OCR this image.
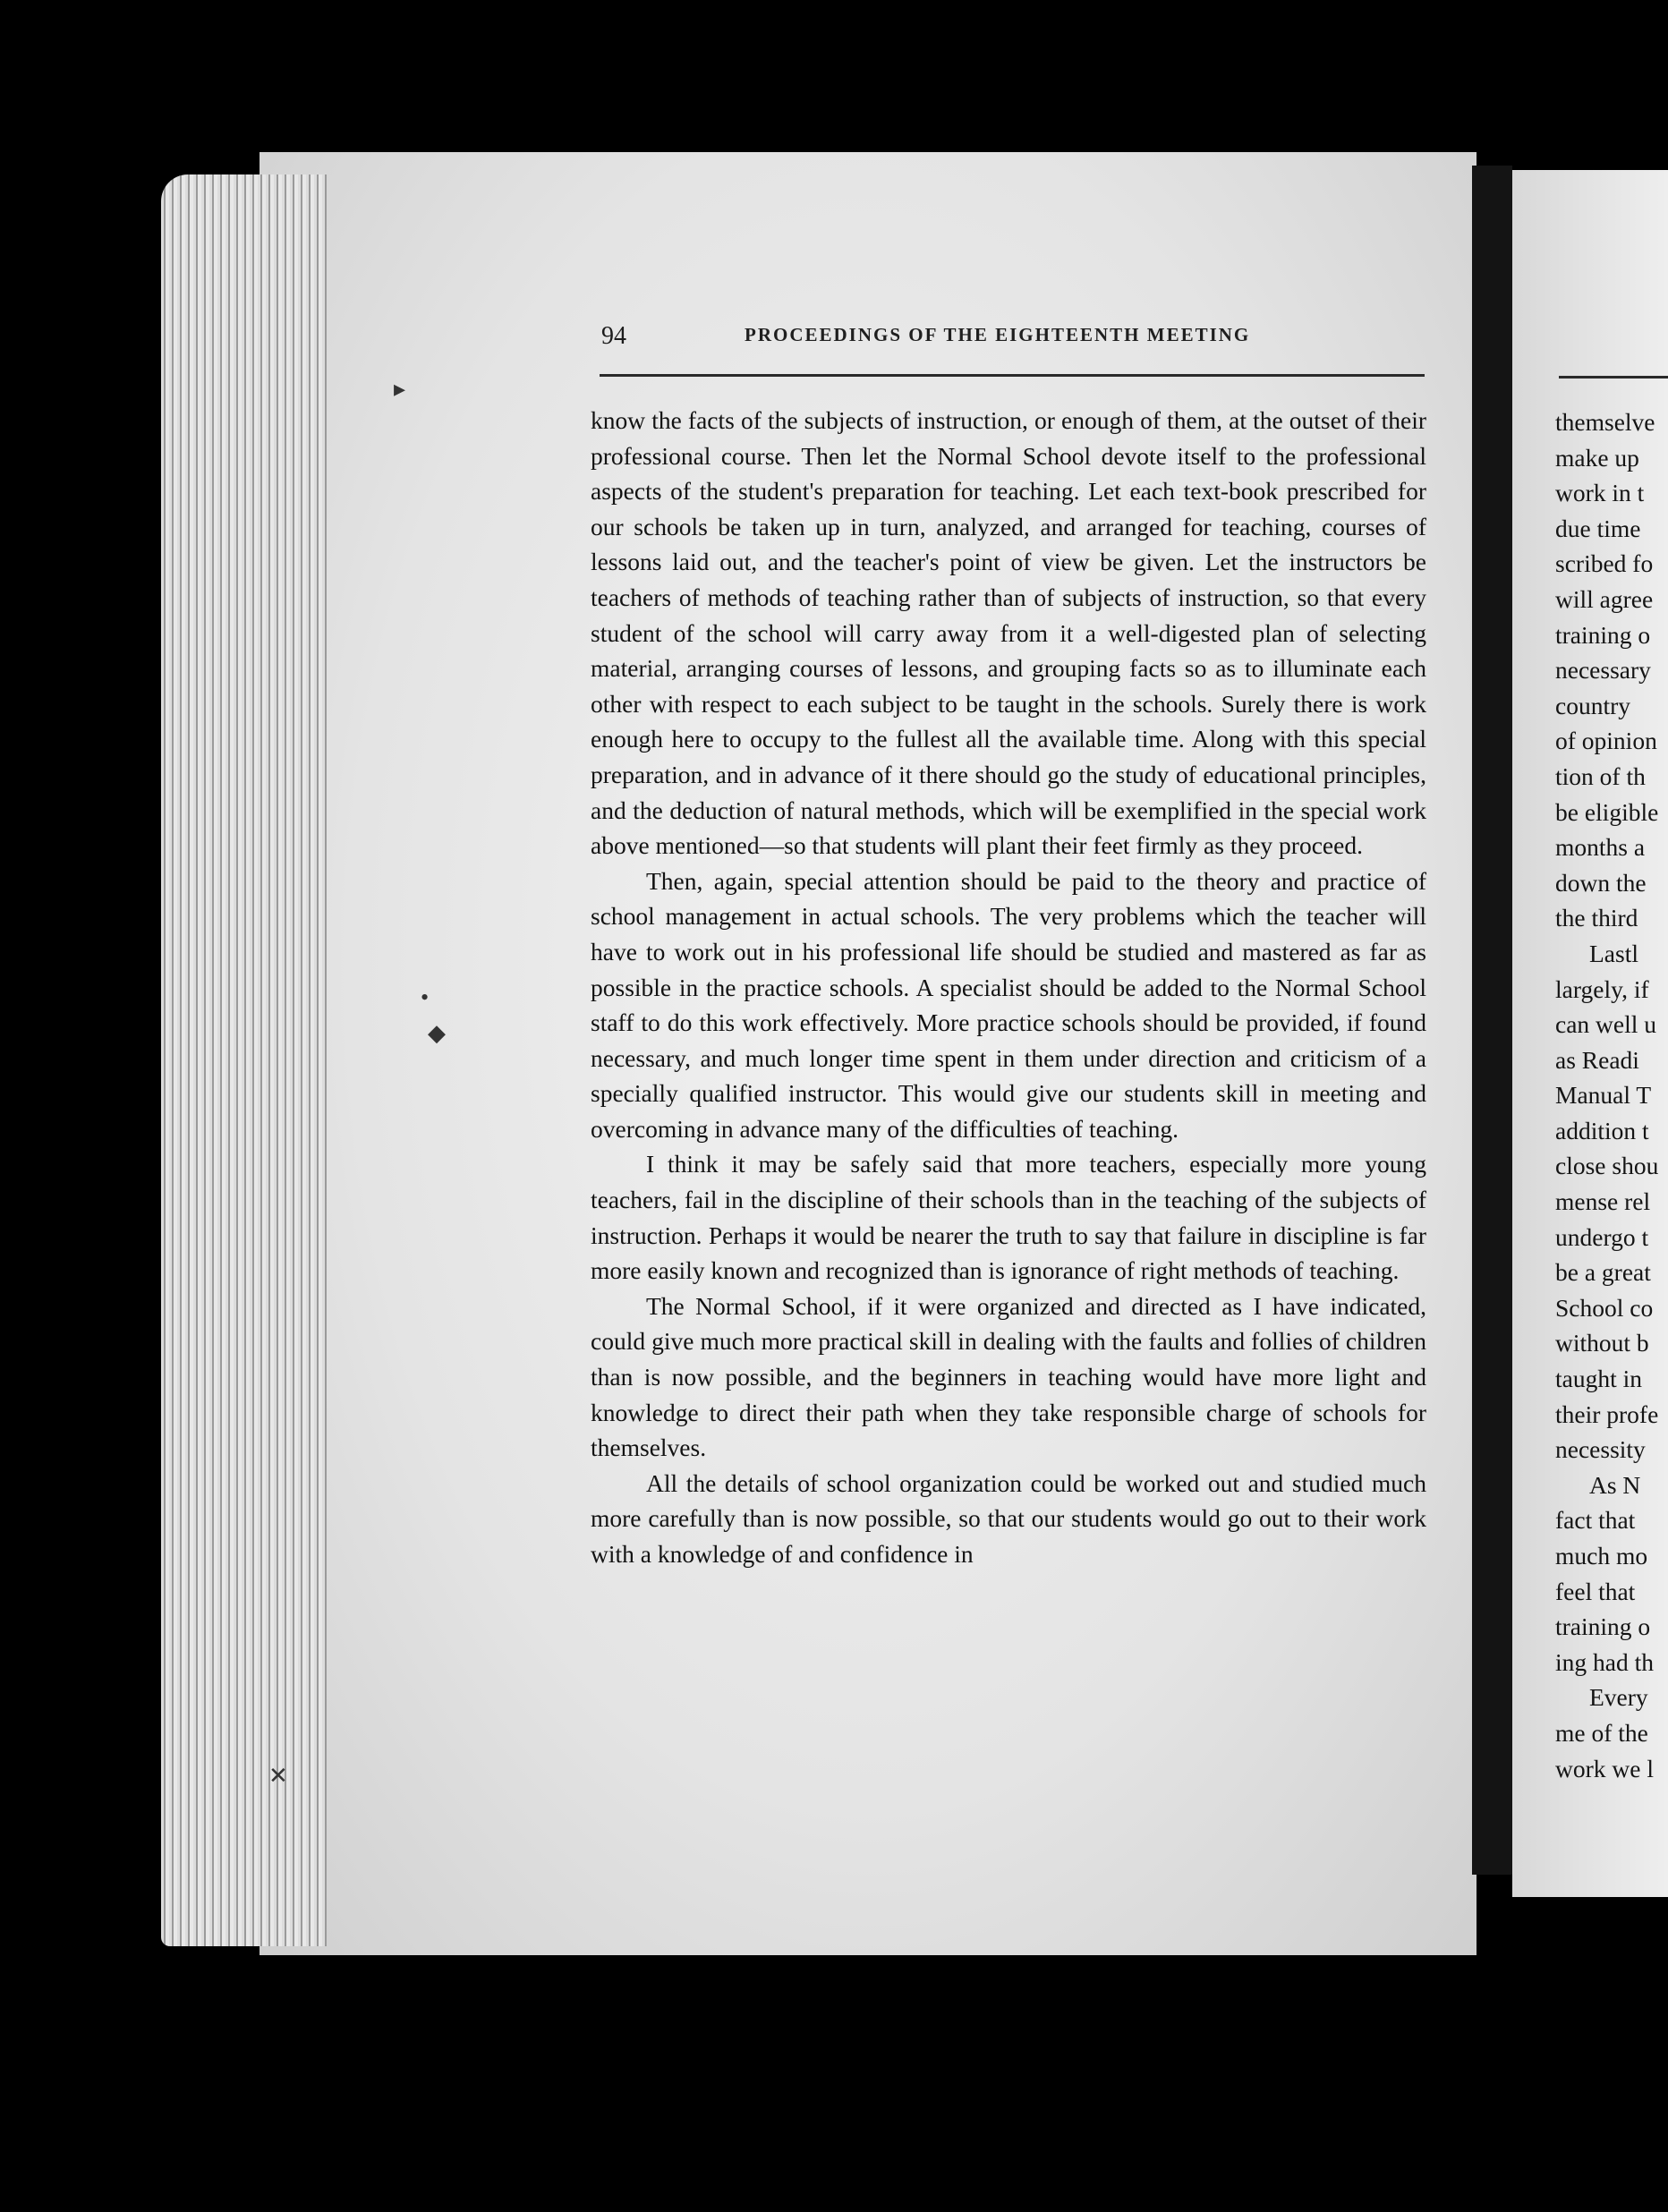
94	PROCEEDINGS OF THE EIGHTEENTH MEETING

know the facts of the subjects of instruction, or enough of them, at the outset of their professional course. Then let the Normal School devote itself to the professional aspects of the student's preparation for teaching. Let each text-book prescribed for our schools be taken up in turn, analyzed, and arranged for teaching, courses of lessons laid out, and the teacher's point of view be given. Let the instructors be teachers of methods of teaching rather than of subjects of instruction, so that every student of the school will carry away from it a well-digested plan of selecting material, arranging courses of lessons, and grouping facts so as to illuminate each other with respect to each subject to be taught in the schools. Surely there is work enough here to occupy to the fullest all the available time. Along with this special preparation, and in advance of it there should go the study of educational principles, and the deduction of natural methods, which will be exemplified in the special work above mentioned—so that students will plant their feet firmly as they proceed.

Then, again, special attention should be paid to the theory and practice of school management in actual schools. The very problems which the teacher will have to work out in his professional life should be studied and mastered as far as possible in the practice schools. A specialist should be added to the Normal School staff to do this work effectively. More practice schools should be provided, if found necessary, and much longer time spent in them under direction and criticism of a specially qualified instructor. This would give our students skill in meeting and overcoming in advance many of the difficulties of teaching.

I think it may be safely said that more teachers, especially more young teachers, fail in the discipline of their schools than in the teaching of the subjects of instruction. Perhaps it would be nearer the truth to say that failure in discipline is far more easily known and recognized than is ignorance of right methods of teaching.

The Normal School, if it were organized and directed as I have indicated, could give much more practical skill in dealing with the faults and follies of children than is now possible, and the beginners in teaching would have more light and knowledge to direct their path when they take responsible charge of schools for themselves.

All the details of school organization could be worked out and studied much more carefully than is now possible, so that our students would go out to their work with a knowledge of and confidence in

themselve
make up
work in t
due time
scribed fo
will agree
training o
necessary
country
of opinion
tion of th
be eligible
months a
down the
the third
Lastl
largely, if
can well u
as Readi
Manual T
addition t
close shou
mense rel
undergo t
be a great
School co
without b
taught in
their profe
necessity
As N
fact that
much mo
feel that
training o
ing had th
Every
me of the
work we l
▸
•
◆
✕
